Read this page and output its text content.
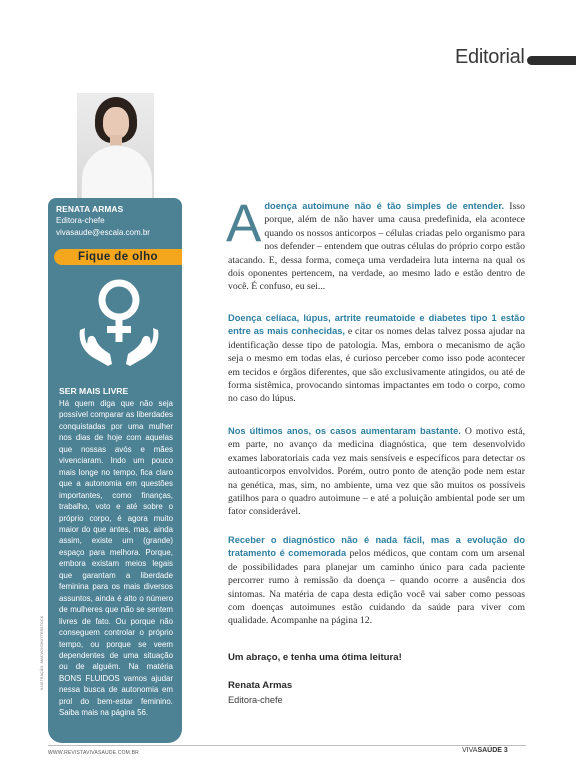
Editorial
RENATA ARMAS
Editora-chefe
vivasaude@escala.com.br
Fique de olho
SER MAIS LIVRE
Há quem diga que não seja possível comparar as liberdades conquistadas por uma mulher nos dias de hoje com aquelas que nossas avós e mães vivenciaram. Indo um pouco mais longe no tempo, fica claro que a autonomia em questões importantes, como finanças, trabalho, voto e até sobre o próprio corpo, é agora muito maior do que antes, mas, ainda assim, existe um (grande) espaço para melhora. Porque, embora existam meios legais que garantam a liberdade feminina para os mais diversos assuntos, ainda é alto o número de mulheres que não se sentem livres de fato. Ou porque não conseguem controlar o próprio tempo, ou porque se veem dependentes de uma situação ou de alguém. Na matéria BONS FLUIDOS vamos ajudar nessa busca de autonomia em prol do bem-estar feminino. Saiba mais na página 56.
ILUSTRAÇÃO: AMA'VOI/SHUTTERSTOCK
Adoença autoimune não é tão simples de entender. Isso porque, além de não haver uma causa predefinida, ela acontece quando os nossos anticorpos – células criadas pelo organismo para nos defender – entendem que outras células do próprio corpo estão atacando. E, dessa forma, começa uma verdadeira luta interna na qual os dois oponentes pertencem, na verdade, ao mesmo lado e estão dentro de você. É confuso, eu sei...
Doença celíaca, lúpus, artrite reumatoide e diabetes tipo 1 estão entre as mais conhecidas, e citar os nomes delas talvez possa ajudar na identificação desse tipo de patologia. Mas, embora o mecanismo de ação seja o mesmo em todas elas, é curioso perceber como isso pode acontecer em tecidos e órgãos diferentes, que são exclusivamente atingidos, ou até de forma sistêmica, provocando sintomas impactantes em todo o corpo, como no caso do lúpus.
Nos últimos anos, os casos aumentaram bastante. O motivo está, em parte, no avanço da medicina diagnóstica, que tem desenvolvido exames laboratoriais cada vez mais sensíveis e específicos para detectar os autoanticorpos envolvidos. Porém, outro ponto de atenção pode nem estar na genética, mas, sim, no ambiente, uma vez que são muitos os possíveis gatilhos para o quadro autoimune – e até a poluição ambiental pode ser um fator considerável.
Receber o diagnóstico não é nada fácil, mas a evolução do tratamento é comemorada pelos médicos, que contam com um arsenal de possibilidades para planejar um caminho único para cada paciente percorrer rumo à remissão da doença – quando ocorre a ausência dos sintomas. Na matéria de capa desta edição você vai saber como pessoas com doenças autoimunes estão cuidando da saúde para viver com qualidade. Acompanhe na página 12.
Um abraço, e tenha uma ótima leitura!
Renata Armas
Editora-chefe
WWW.REVISTAVIVASAUDE.COM.BR	VIVASAÚDE 3
